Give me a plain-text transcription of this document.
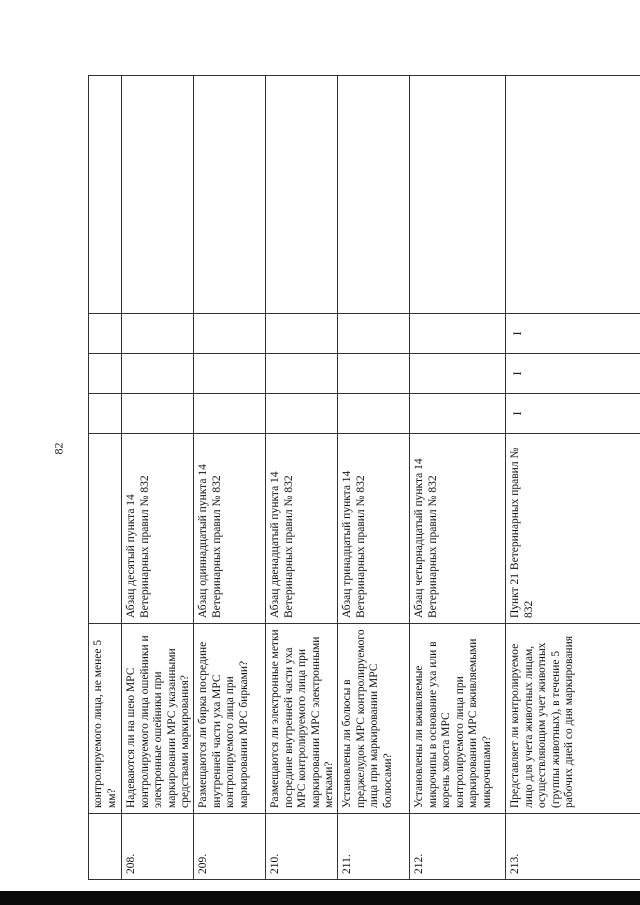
82
контролируемого лица, не менее 5 мм?
208.
Надеваются ли на шею МРС контролируемого лица ошейники и электронные ошейники при маркировании МРС указанными средствами маркирования?
Абзац десятый пункта 14 Ветеринарных правил № 832
209.
Размещаются ли бирка посредине внутренней части уха МРС контролируемого лица при маркировании МРС бирками?
Абзац одиннадцатый пункта 14 Ветеринарных правил № 832
210.
Размещаются ли электронные метки посредине внутренней части уха МРС контролируемого лица при маркировании МРС электронными метками?
Абзац двенадцатый пункта 14 Ветеринарных правил № 832
211.
Установлены ли болюсы в преджелудок МРС контролируемого лица при маркировании МРС болюсами?
Абзац тринадцатый пункта 14 Ветеринарных правил № 832
212.
Установлены ли вживляемые микрочипы в основание уха или в корень хвоста МРС контролируемого лица при маркировании МРС вживляемыми микрочипами?
Абзац четырнадцатый пункта 14 Ветеринарных правил № 832
213.
Представляет ли контролируемое лицо для учета животных лицам, осуществляющим учет животных (группы животных), в течение 5 рабочих дней со дня маркирования
Пункт 21 Ветеринарных правил № 832
I
I
I
